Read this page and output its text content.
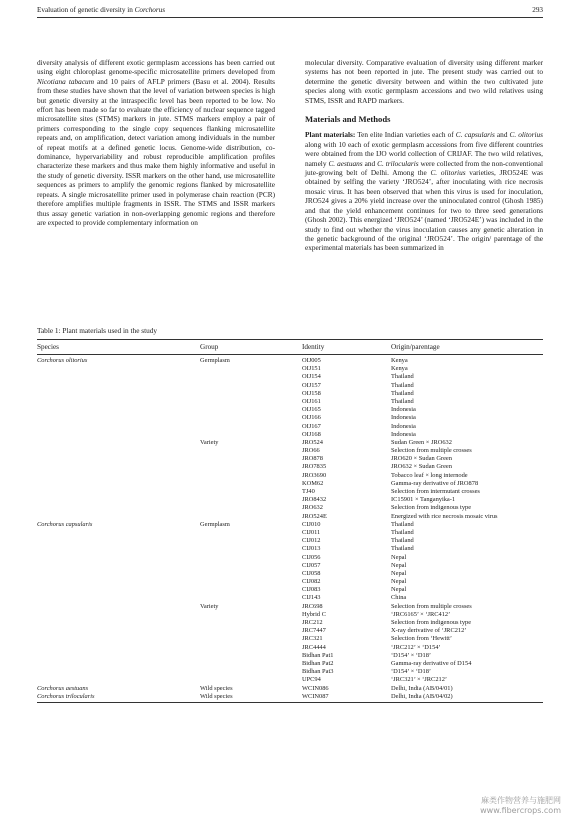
Evaluation of genetic diversity in Corchorus	293

diversity analysis of different exotic germplasm accessions has been carried out using eight chloroplast genome-specific microsatellite primers developed from Nicotiana tabacum and 10 pairs of AFLP primers (Basu et al. 2004). Results from these studies have shown that the level of variation between species is high but genetic diversity at the intraspecific level has been reported to be low. No effort has been made so far to evaluate the efficiency of nuclear sequence tagged microsatellite sites (STMS) markers in jute. STMS markers employ a pair of primers corresponding to the single copy sequences flanking microsatellite repeats and, on amplification, detect variation among individuals in the number of repeat motifs at a defined genetic locus. Genome-wide distribution, co-dominance, hypervariability and robust reproducible amplification profiles characterize these markers and thus make them highly informative and useful in the study of genetic diversity. ISSR markers on the other hand, use microsatellite sequences as primers to amplify the genomic regions flanked by microsatellite repeats. A single microsatellite primer used in polymerase chain reaction (PCR) therefore amplifies multiple fragments in ISSR. The STMS and ISSR markers thus assay genetic variation in non-overlapping genomic regions and therefore are expected to provide complementary information on

molecular diversity. Comparative evaluation of diversity using different marker systems has not been reported in jute. The present study was carried out to determine the genetic diversity between and within the two cultivated jute species along with exotic germplasm accessions and two wild relatives using STMS, ISSR and RAPD markers.

Materials and Methods

Plant materials: Ten elite Indian varieties each of C. capsularis and C. olitorius along with 10 each of exotic germplasm accessions from five different countries were obtained from the IJO world collection of CRIJAF. The two wild relatives, namely C. aestuans and C. trilocularis were collected from the non-conventional jute-growing belt of Delhi. Among the C. olitorius varieties, JRO524E was obtained by selfing the variety ‘JRO524’, after inoculating with rice necrosis mosaic virus. It has been observed that when this virus is used for inoculation, JRO524 gives a 20% yield increase over the uninoculated control (Ghosh 1985) and that the yield enhancement continues for two to three seed generations (Ghosh 2002). This energized ‘JRO524’ (named ‘JRO524E’) was included in the study to find out whether the virus inoculation causes any genetic alteration in the genetic background of the original ‘JRO524’. The origin/ parentage of the experimental materials has been summarized in

Table 1: Plant materials used in the study
Species	Group	Identity	Origin/parentage
Corchorus olitorius	Germplasm	OIJ005	Kenya
OIJ151	Kenya
OIJ154	Thailand
OIJ157	Thailand
OIJ158	Thailand
OIJ161	Thailand
OIJ165	Indonesia
OIJ166	Indonesia
OIJ167	Indonesia
OIJ168	Indonesia
Variety	JRO524	Sudan Green × JRO632
JRO66	Selection from multiple crosses
JRO878	JRO620 × Sudan Green
JRO7835	JRO632 × Sudan Green
JRO3690	Tobacco leaf × long internode
KOM62	Gamma-ray derivative of JRO878
TJ40	Selection from intermutant crosses
JRO8432	IC15901 × Tanganyika-1
JRO632	Selection from indigenous type
JRO524E	Energized with rice necrosis mosaic virus
Corchorus capsularis	Germplasm	CIJ010	Thailand
CIJ011	Thailand
CIJ012	Thailand
CIJ013	Thailand
CIJ056	Nepal
CIJ057	Nepal
CIJ058	Nepal
CIJ082	Nepal
CIJ083	Nepal
CIJ143	China
Variety	JRC698	Selection from multiple crosses
Hybrid C	‘JRC6165’ × ‘JRC412’
JRC212	Selection from indigenous type
JRC7447	X-ray derivative of ‘JRC212’
JRC321	Selection from ‘Hewitt’
JRC4444	‘JRC212’ × ‘D154’
Bidhan Pat1	‘D154’ × ‘D18’
Bidhan Pat2	Gamma-ray derivative of D154
Bidhan Pat3	‘D154’ × ‘D18’
UPC94	‘JRC321’ × ‘JRC212’
Corchorus aestuans	Wild species	WCIN086	Delhi, India (AB/04/01)
Corchorus trilocularis	Wild species	WCIN087	Delhi, India (AB/04/02)
麻类作物营养与施肥网
www.fibercrops.com
